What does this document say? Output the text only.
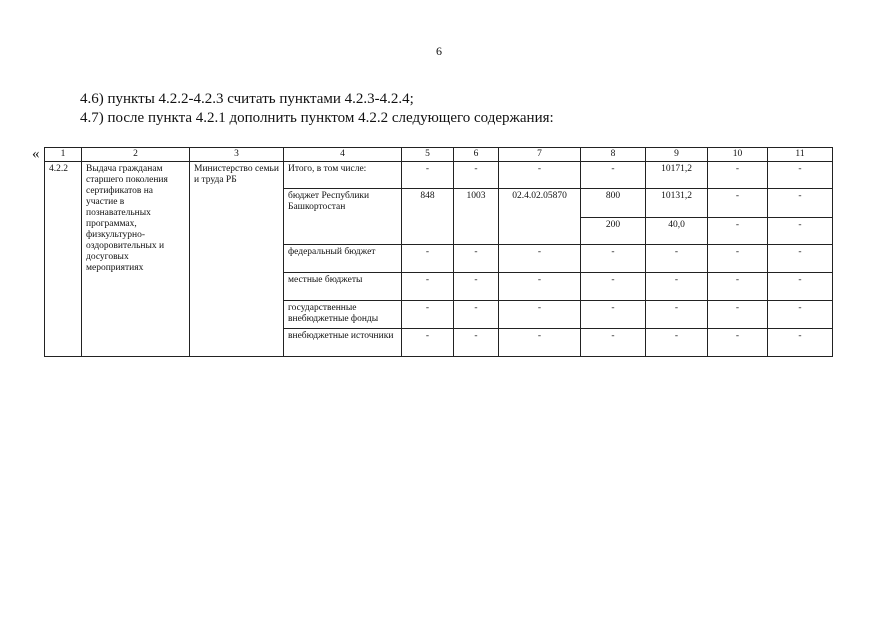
6
4.6) пункты 4.2.2-4.2.3 считать пунктами 4.2.3-4.2.4;
4.7) после пункта 4.2.1 дополнить пунктом 4.2.2 следующего содержания:
« 1	2	3	4	5	6	7	8	9	10	11
4.2.2	Выдача гражданам старшего поколения сертификатов на участие в познавательных программах, физкультурно-оздоровительных и досуговых мероприятиях	Министерство семьи и труда РБ	Итого, в том числе:	-	-	-	-	10171,2	-	-
			бюджет Республики Башкортостан	848	1003	02.4.02.05870	800	10131,2	-	-
							200	40,0	-	-
			федеральный бюджет	-	-	-	-	-	-	-
			местные бюджеты	-	-	-	-	-	-	-
			государственные внебюджетные фонды	-	-	-	-	-	-	-
			внебюджетные источники	-	-	-	-	-	-	-
